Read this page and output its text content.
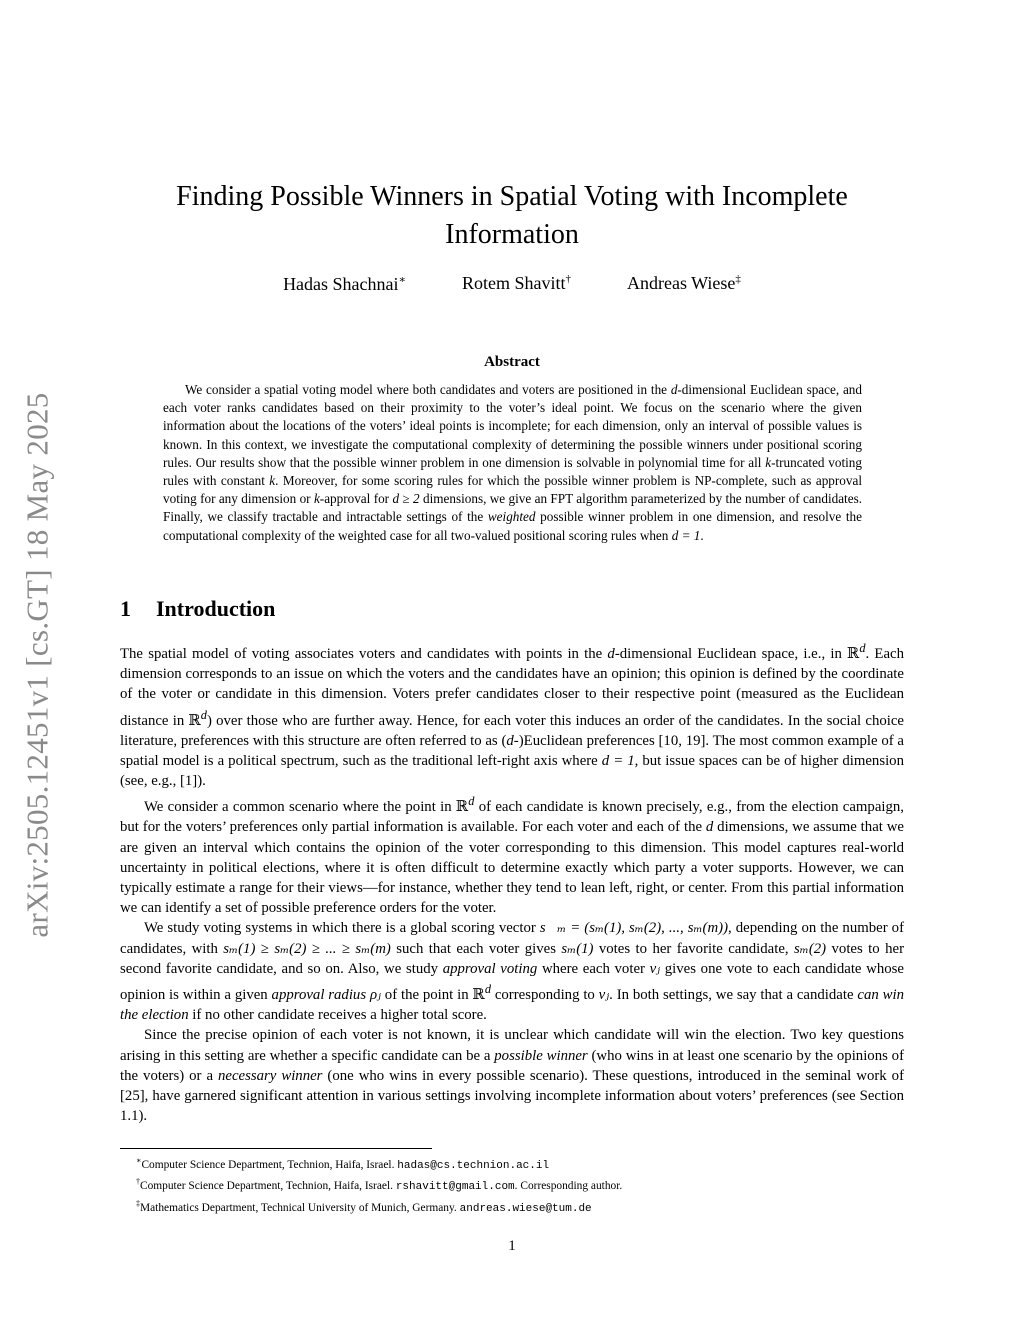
arXiv:2505.12451v1 [cs.GT] 18 May 2025
Finding Possible Winners in Spatial Voting with Incomplete Information
Hadas Shachnai∗	Rotem Shavitt†	Andreas Wiese‡
Abstract

We consider a spatial voting model where both candidates and voters are positioned in the d-dimensional Euclidean space, and each voter ranks candidates based on their proximity to the voter’s ideal point. We focus on the scenario where the given information about the locations of the voters’ ideal points is incomplete; for each dimension, only an interval of possible values is known. In this context, we investigate the computational complexity of determining the possible winners under positional scoring rules. Our results show that the possible winner problem in one dimension is solvable in polynomial time for all k-truncated voting rules with constant k. Moreover, for some scoring rules for which the possible winner problem is NP-complete, such as approval voting for any dimension or k-approval for d ≥ 2 dimensions, we give an FPT algorithm parameterized by the number of candidates. Finally, we classify tractable and intractable settings of the weighted possible winner problem in one dimension, and resolve the computational complexity of the weighted case for all two-valued positional scoring rules when d = 1.

1 Introduction

The spatial model of voting associates voters and candidates with points in the d-dimensional Euclidean space, i.e., in ℝ$^d$. Each dimension corresponds to an issue on which the voters and the candidates have an opinion; this opinion is defined by the coordinate of the voter or candidate in this dimension. Voters prefer candidates closer to their respective point (measured as the Euclidean distance in ℝ$^d$) over those who are further away. Hence, for each voter this induces an order of the candidates. In the social choice literature, preferences with this structure are often referred to as (d-)Euclidean preferences [10, 19]. The most common example of a spatial model is a political spectrum, such as the traditional left-right axis where d = 1, but issue spaces can be of higher dimension (see, e.g., [1]).

We consider a common scenario where the point in ℝ$^d$ of each candidate is known precisely, e.g., from the election campaign, but for the voters’ preferences only partial information is available. For each voter and each of the d dimensions, we assume that we are given an interval which contains the opinion of the voter corresponding to this dimension. This model captures real-world uncertainty in political elections, where it is often difficult to determine exactly which party a voter supports. However, we can typically estimate a range for their views—for instance, whether they tend to lean left, right, or center. From this partial information we can identify a set of possible preference orders for the voter.

We study voting systems in which there is a global scoring vector s⃗ₘ = (sₘ(1), sₘ(2), ..., sₘ(m)), depending on the number of candidates, with sₘ(1) ≥ sₘ(2) ≥ ... ≥ sₘ(m) such that each voter gives sₘ(1) votes to her favorite candidate, sₘ(2) votes to her second favorite candidate, and so on. Also, we study approval voting where each voter vⱼ gives one vote to each candidate whose opinion is within a given approval radius ρⱼ of the point in ℝ$^d$ corresponding to vⱼ. In both settings, we say that a candidate can win the election if no other candidate receives a higher total score.

Since the precise opinion of each voter is not known, it is unclear which candidate will win the election. Two key questions arising in this setting are whether a specific candidate can be a possible winner (who wins in at least one scenario by the opinions of the voters) or a necessary winner (one who wins in every possible scenario). These questions, introduced in the seminal work of [25], have garnered significant attention in various settings involving incomplete information about voters’ preferences (see Section 1.1).

∗Computer Science Department, Technion, Haifa, Israel. hadas@cs.technion.ac.il
†Computer Science Department, Technion, Haifa, Israel. rshavitt@gmail.com. Corresponding author.
‡Mathematics Department, Technical University of Munich, Germany. andreas.wiese@tum.de
1
